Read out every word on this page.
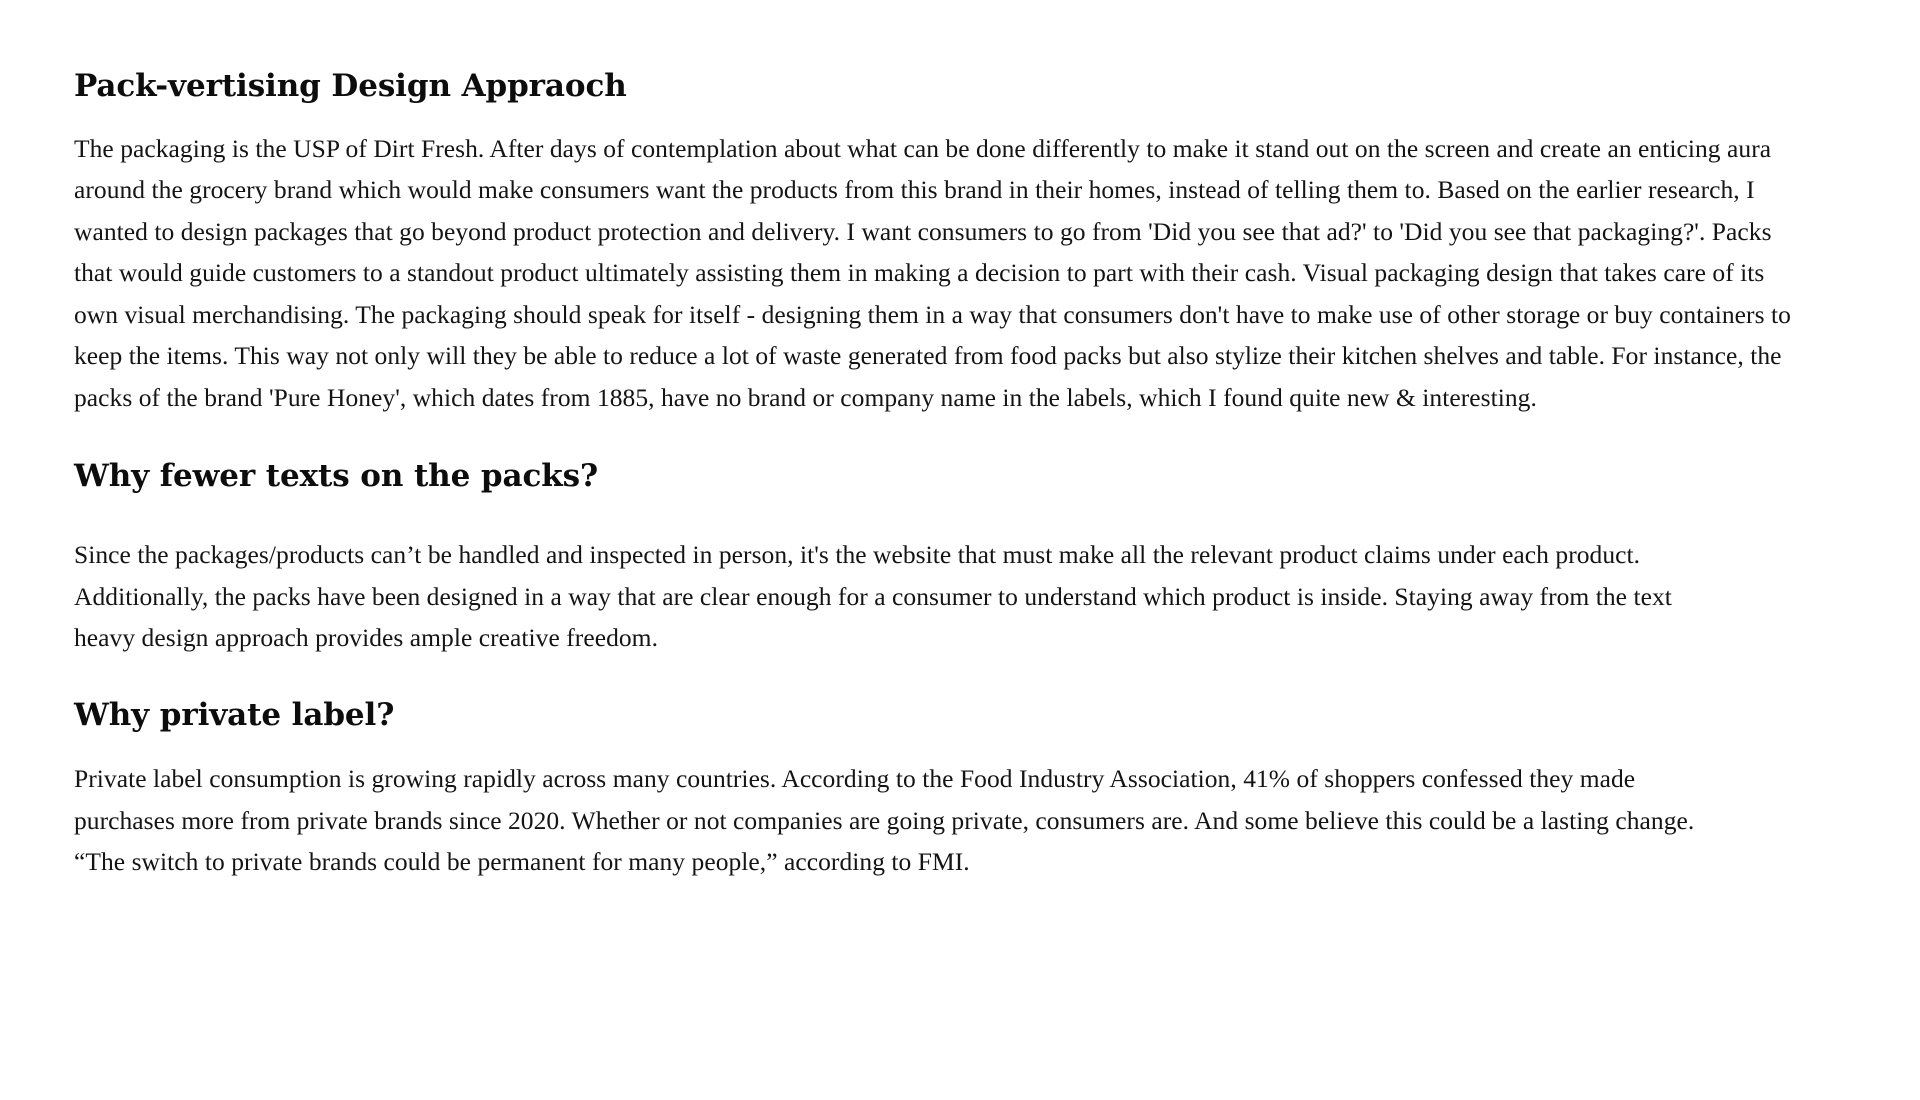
Pack-vertising Design Appraoch

The packaging is the USP of Dirt Fresh. After days of contemplation about what can be done differently to make it stand out on the screen and create an enticing aura around the grocery brand which would make consumers want the products from this brand in their homes, instead of telling them to. Based on the earlier research, I wanted to design packages that go beyond product protection and delivery. I want consumers to go from 'Did you see that ad?' to 'Did you see that packaging?'. Packs that would guide customers to a standout product ultimately assisting them in making a decision to part with their cash. Visual packaging design that takes care of its own visual merchandising. The packaging should speak for itself - designing them in a way that consumers don't have to make use of other storage or buy containers to keep the items. This way not only will they be able to reduce a lot of waste generated from food packs but also stylize their kitchen shelves and table. For instance, the packs of the brand 'Pure Honey', which dates from 1885, have no brand or company name in the labels, which I found quite new & interesting.

Why fewer texts on the packs?

Since the packages/products can’t be handled and inspected in person, it's the website that must make all the relevant product claims under each product. Additionally, the packs have been designed in a way that are clear enough for a consumer to understand which product is inside. Staying away from the text heavy design approach provides ample creative freedom.

Why private label?

Private label consumption is growing rapidly across many countries. According to the Food Industry Association, 41% of shoppers confessed they made purchases more from private brands since 2020. Whether or not companies are going private, consumers are. And some believe this could be a lasting change. “The switch to private brands could be permanent for many people,” according to FMI.
